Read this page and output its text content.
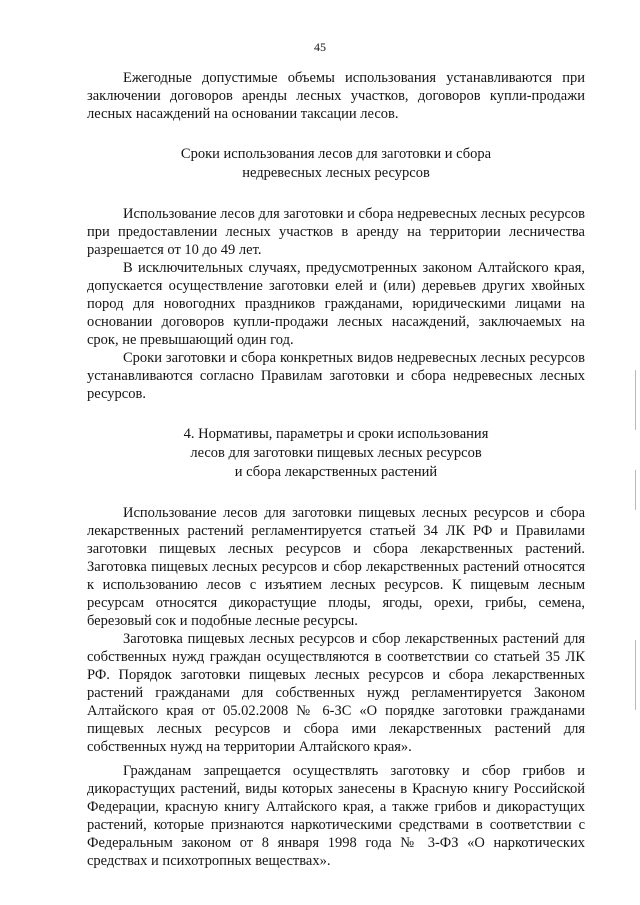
45

Ежегодные допустимые объемы использования устанавливаются при заключении договоров аренды лесных участков, договоров купли-продажи лесных насаждений на основании таксации лесов.

Сроки использования лесов для заготовки и сбора
недревесных лесных ресурсов

Использование лесов для заготовки и сбора недревесных лесных ресурсов при предоставлении лесных участков в аренду на территории лесничества разрешается от 10 до 49 лет.

В исключительных случаях, предусмотренных законом Алтайского края, допускается осуществление заготовки елей и (или) деревьев других хвойных пород для новогодних праздников гражданами, юридическими лицами на основании договоров купли-продажи лесных насаждений, заключаемых на срок, не превышающий один год.

Сроки заготовки и сбора конкретных видов недревесных лесных ресурсов устанавливаются согласно Правилам заготовки и сбора недревесных лесных ресурсов.

4. Нормативы, параметры и сроки использования
лесов для заготовки пищевых лесных ресурсов
и сбора лекарственных растений

Использование лесов для заготовки пищевых лесных ресурсов и сбора лекарственных растений регламентируется статьей 34 ЛК РФ и Правилами заготовки пищевых лесных ресурсов и сбора лекарственных растений. Заготовка пищевых лесных ресурсов и сбор лекарственных растений относятся к использованию лесов с изъятием лесных ресурсов. К пищевым лесным ресурсам относятся дикорастущие плоды, ягоды, орехи, грибы, семена, березовый сок и подобные лесные ресурсы.

Заготовка пищевых лесных ресурсов и сбор лекарственных растений для собственных нужд граждан осуществляются в соответствии со статьей 35 ЛК РФ. Порядок заготовки пищевых лесных ресурсов и сбора лекарственных растений гражданами для собственных нужд регламентируется Законом Алтайского края от 05.02.2008 № 6-ЗС «О порядке заготовки гражданами пищевых лесных ресурсов и сбора ими лекарственных растений для собственных нужд на территории Алтайского края».

Гражданам запрещается осуществлять заготовку и сбор грибов и дикорастущих растений, виды которых занесены в Красную книгу Российской Федерации, красную книгу Алтайского края, а также грибов и дикорастущих растений, которые признаются наркотическими средствами в соответствии с Федеральным законом от 8 января 1998 года № 3-ФЗ «О наркотических средствах и психотропных веществах».
